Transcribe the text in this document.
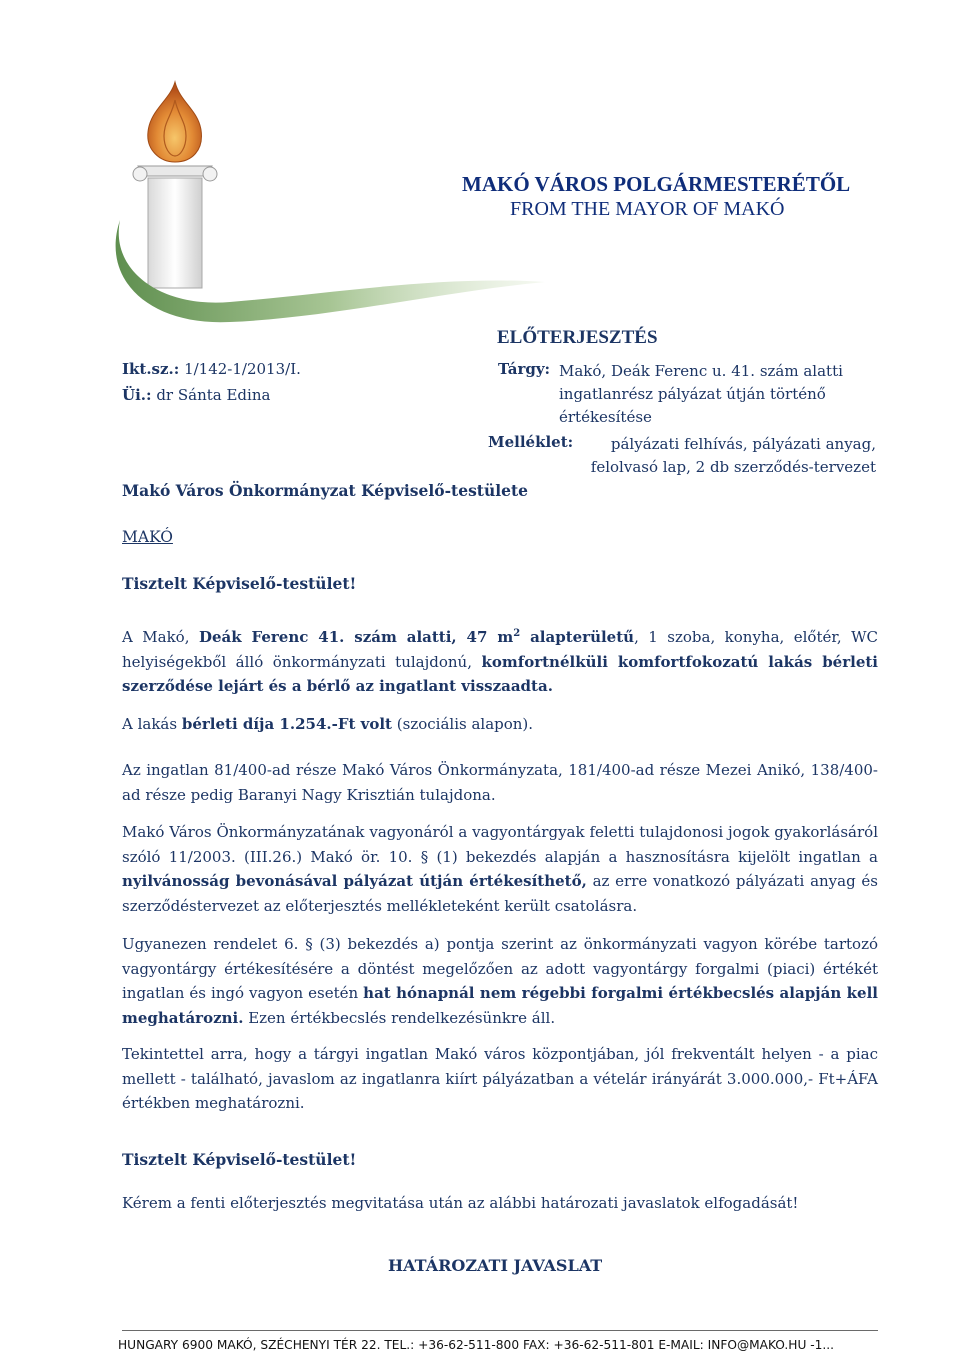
MAKÓ VÁROS POLGÁRMESTERÉTŐL
FROM THE MAYOR OF MAKÓ
ELŐTERJESZTÉS
Ikt.sz.: 1/142-1/2013/I.
Üi.: dr Sánta Edina
Tárgy: Makó, Deák Ferenc u. 41. szám alatti ingatlanrész pályázat útján történő értékesítése
Melléklet:	pályázati felhívás, pályázati anyag, felolvasó lap, 2 db szerződés-tervezet
Makó Város Önkormányzat Képviselő-testülete
MAKÓ
Tisztelt Képviselő-testület!
A Makó, Deák Ferenc 41. szám alatti, 47 $m^2$ alapterületű, 1 szoba, konyha, előtér, WC helyiségekből álló önkormányzati tulajdonú, komfortnélküli komfortfokozatú lakás bérleti szerződése lejárt és a bérlő az ingatlant visszaadta.
A lakás bérleti díja 1.254.-Ft volt (szociális alapon).
Az ingatlan 81/400-ad része Makó Város Önkormányzata, 181/400-ad része Mezei Anikó, 138/400-ad része pedig Baranyi Nagy Krisztián tulajdona.
Makó Város Önkormányzatának vagyonáról a vagyontárgyak feletti tulajdonosi jogok gyakorlásáról szóló 11/2003. (III.26.) Makó ör. 10. § (1) bekezdés alapján a hasznosításra kijelölt ingatlan a nyilvánosság bevonásával pályázat útján értékesíthető, az erre vonatkozó pályázati anyag és szerződéstervezet az előterjesztés mellékleteként került csatolásra.
Ugyanezen rendelet 6. § (3) bekezdés a) pontja szerint az önkormányzati vagyon körébe tartozó vagyontárgy értékesítésére a döntést megelőzően az adott vagyontárgy forgalmi (piaci) értékét ingatlan és ingó vagyon esetén hat hónapnál nem régebbi forgalmi értékbecslés alapján kell meghatározni. Ezen értékbecslés rendelkezésünkre áll.
Tekintettel arra, hogy a tárgyi ingatlan Makó város központjában, jól frekventált helyen - a piac mellett - található, javaslom az ingatlanra kiírt pályázatban a vételár irányárát 3.000.000,- Ft+ÁFA értékben meghatározni.
Tisztelt Képviselő-testület!
Kérem a fenti előterjesztés megvitatása után az alábbi határozati javaslatok elfogadását!
HATÁROZATI JAVASLAT
HUNGARY 6900 MAKÓ, SZÉCHENYI TÉR 22. TEL.: +36-62-511-800 FAX: +36-62-511-801 E-MAIL: INFO@MAKO.HU -1...
